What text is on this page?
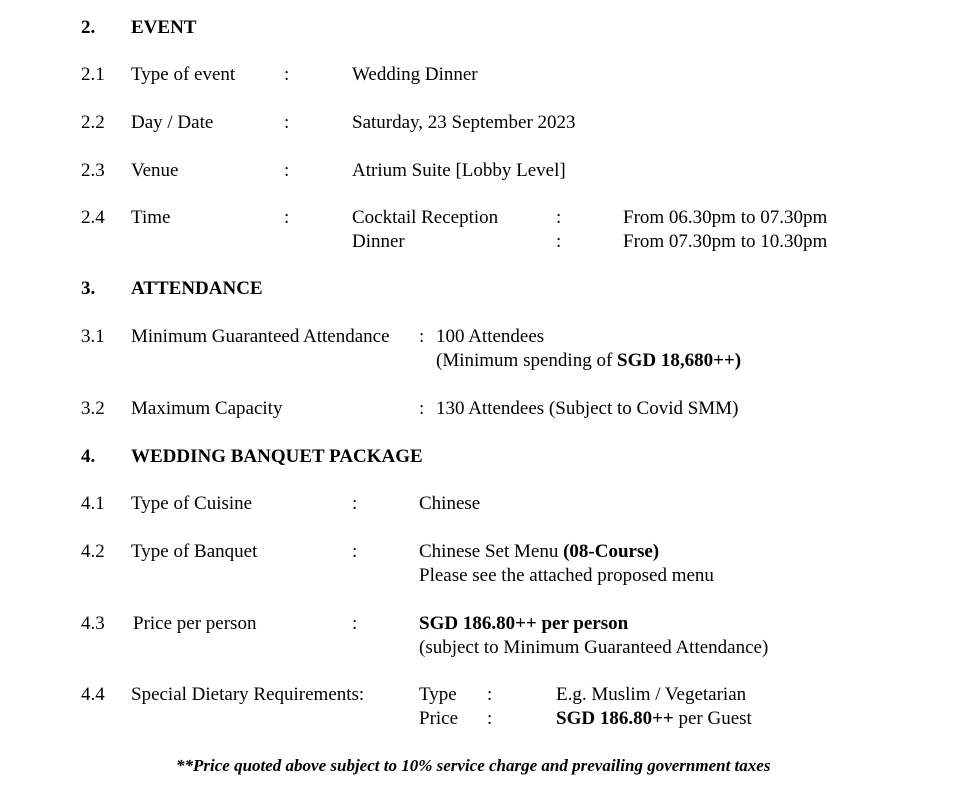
2. EVENT
2.1 Type of event	:	Wedding Dinner
2.2 Day / Date	:	Saturday, 23 September 2023
2.3 Venue	:	Atrium Suite [Lobby Level]
2.4 Time	:	Cocktail Reception	:	From 06.30pm to 07.30pm
Dinner	:	From 07.30pm to 10.30pm
3. ATTENDANCE
3.1 Minimum Guaranteed Attendance : 100 Attendees
(Minimum spending of SGD 18,680++)
3.2 Maximum Capacity	: 130 Attendees (Subject to Covid SMM)
4. WEDDING BANQUET PACKAGE
4.1 Type of Cuisine	:	Chinese
4.2 Type of Banquet	:	Chinese Set Menu (08-Course)
Please see the attached proposed menu
4.3 Price per person	:	SGD 186.80++ per person
(subject to Minimum Guaranteed Attendance)
4.4 Special Dietary Requirements:	Type :	E.g. Muslim / Vegetarian
Price :	SGD 186.80++ per Guest
**Price quoted above subject to 10% service charge and prevailing government taxes
